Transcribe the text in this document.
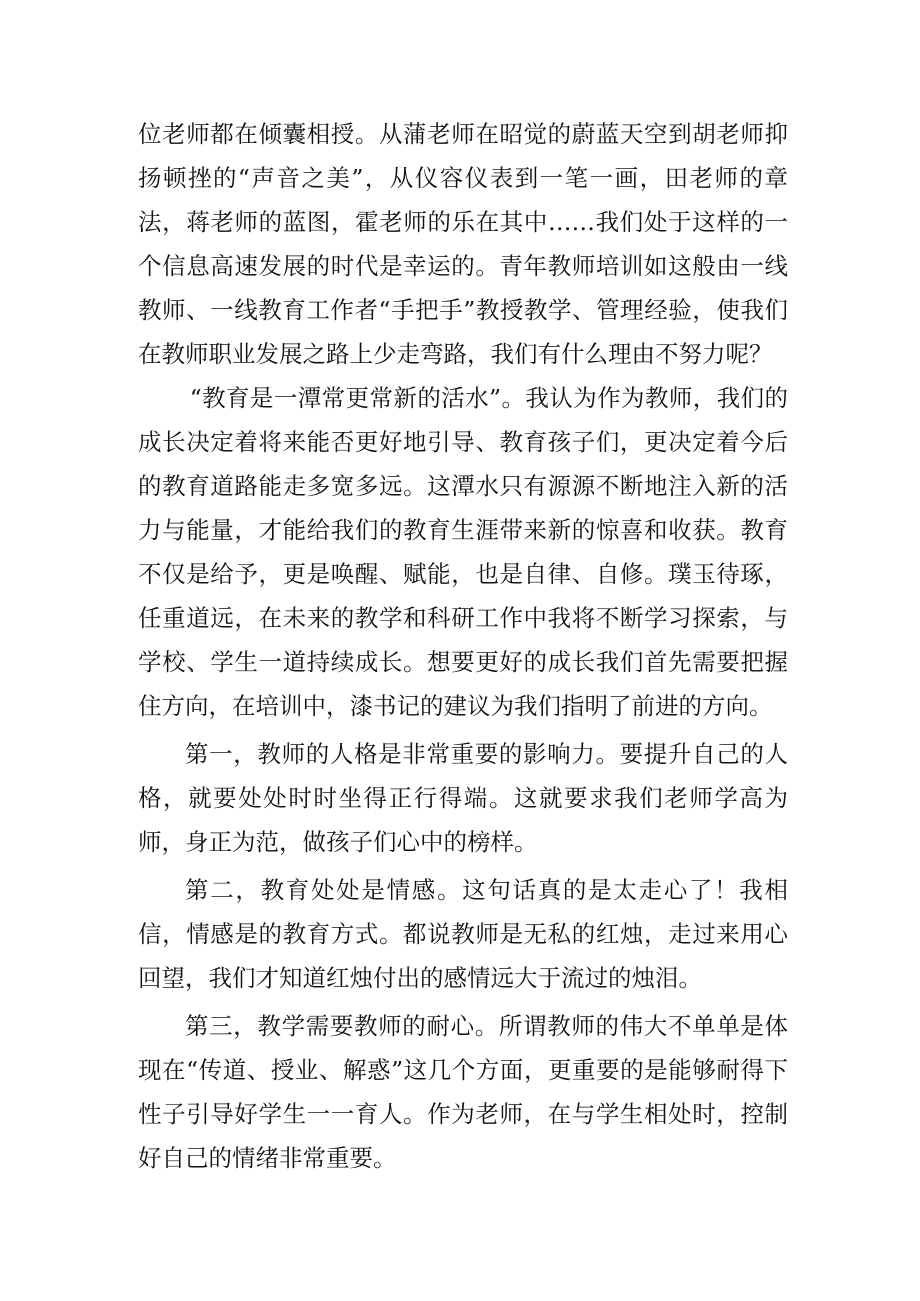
位老师都在倾囊相授。从蒲老师在昭觉的蔚蓝天空到胡老师抑扬顿挫的“声音之美”，从仪容仪表到一笔一画，田老师的章法，蒋老师的蓝图，霍老师的乐在其中……我们处于这样的一个信息高速发展的时代是幸运的。青年教师培训如这般由一线教师、一线教育工作者“手把手”教授教学、管理经验，使我们在教师职业发展之路上少走弯路，我们有什么理由不努力呢？

“教育是一潭常更常新的活水”。我认为作为教师，我们的成长决定着将来能否更好地引导、教育孩子们，更决定着今后的教育道路能走多宽多远。这潭水只有源源不断地注入新的活力与能量，才能给我们的教育生涯带来新的惊喜和收获。教育不仅是给予，更是唤醒、赋能，也是自律、自修。璞玉待琢，任重道远，在未来的教学和科研工作中我将不断学习探索，与学校、学生一道持续成长。想要更好的成长我们首先需要把握住方向，在培训中，漆书记的建议为我们指明了前进的方向。

第一，教师的人格是非常重要的影响力。要提升自己的人格，就要处处时时坐得正行得端。这就要求我们老师学高为师，身正为范，做孩子们心中的榜样。

第二，教育处处是情感。这句话真的是太走心了！我相信，情感是的教育方式。都说教师是无私的红烛，走过来用心回望，我们才知道红烛付出的感情远大于流过的烛泪。

第三，教学需要教师的耐心。所谓教师的伟大不单单是体现在“传道、授业、解惑”这几个方面，更重要的是能够耐得下性子引导好学生一一育人。作为老师，在与学生相处时，控制好自己的情绪非常重要。
